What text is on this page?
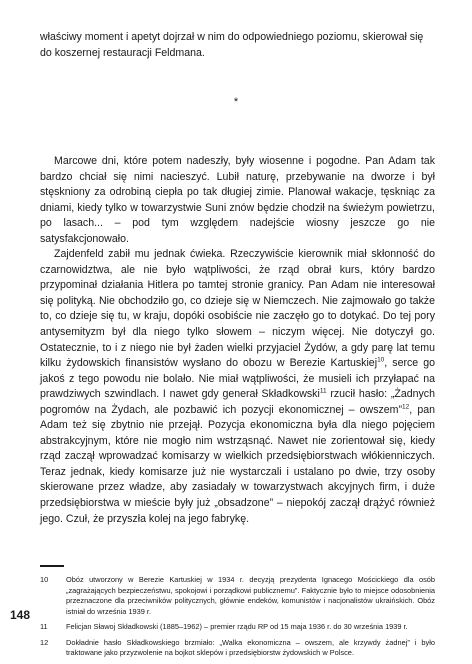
właściwy moment i apetyt dojrzał w nim do odpowiedniego poziomu, skierował się do koszernej restauracji Feldmana.

*

Marcowe dni, które potem nadeszły, były wiosenne i pogodne. Pan Adam tak bardzo chciał się nimi nacieszyć. Lubił naturę, przebywanie na dworze i był stęskniony za odrobiną ciepła po tak długiej zimie. Planował wakacje, tęskniąc za dniami, kiedy tylko w towarzystwie Suni znów będzie chodził na świeżym powietrzu, po lasach... – pod tym względem nadejście wiosny jeszcze go nie satysfakcjonowało.

Zajdenfeld zabił mu jednak ćwieka. Rzeczywiście kierownik miał skłonność do czarnowidztwa, ale nie było wątpliwości, że rząd obrał kurs, który bardzo przypominał działania Hitlera po tamtej stronie granicy. Pan Adam nie interesował się polityką. Nie obchodziło go, co dzieje się w Niemczech. Nie zajmowało go także to, co dzieje się tu, w kraju, dopóki osobiście nie zaczęło go to dotykać. Do tej pory antysemityzm był dla niego tylko słowem – niczym więcej. Nie dotyczył go. Ostatecznie, to i z niego nie był żaden wielki przyjaciel Żydów, a gdy parę lat temu kilku żydowskich finansistów wysłano do obozu w Berezie Kartuskiej$^{10}$, serce go jakoś z tego powodu nie bolało. Nie miał wątpliwości, że musieli ich przyłapać na prawdziwych szwindlach. I nawet gdy generał Składkowski$^{11}$ rzucił hasło: „Żadnych pogromów na Żydach, ale pozbawić ich pozycji ekonomicznej – owszem”$^{12}$, pan Adam też się zbytnio nie przejął. Pozycja ekonomiczna była dla niego pojęciem abstrakcyjnym, które nie mogło nim wstrząsnąć. Nawet nie zorientował się, kiedy rząd zaczął wprowadzać komisarzy w wielkich przedsiębiorstwach włókienniczych. Teraz jednak, kiedy komisarze już nie wystarczali i ustalano po dwie, trzy osoby skierowane przez władze, aby zasiadały w towarzystwach akcyjnych firm, i duże przedsiębiorstwa w mieście były już „obsadzone” – niepokój zaczął drążyć również jego. Czuł, że przyszła kolej na jego fabrykę.

10	Obóz utworzony w Berezie Kartuskiej w 1934 r. decyzją prezydenta Ignacego Mościckiego dla osób „zagrażających bezpieczeństwu, spokojowi i porządkowi publicznemu”. Faktycznie było to miejsce odosobnienia przeznaczone dla przeciwników politycznych, głównie endeków, komunistów i nacjonalistów ukraińskich. Obóz istniał do września 1939 r.
11	Felicjan Sławoj Składkowski (1885–1962) – premier rządu RP od 15 maja 1936 r. do 30 września 1939 r.
12	Dokładnie hasło Składkowskiego brzmiało: „Walka ekonomiczna – owszem, ale krzywdy żadnej” i było traktowane jako przyzwolenie na bojkot sklepów i przedsiębiorstw żydowskich w Polsce.
148
